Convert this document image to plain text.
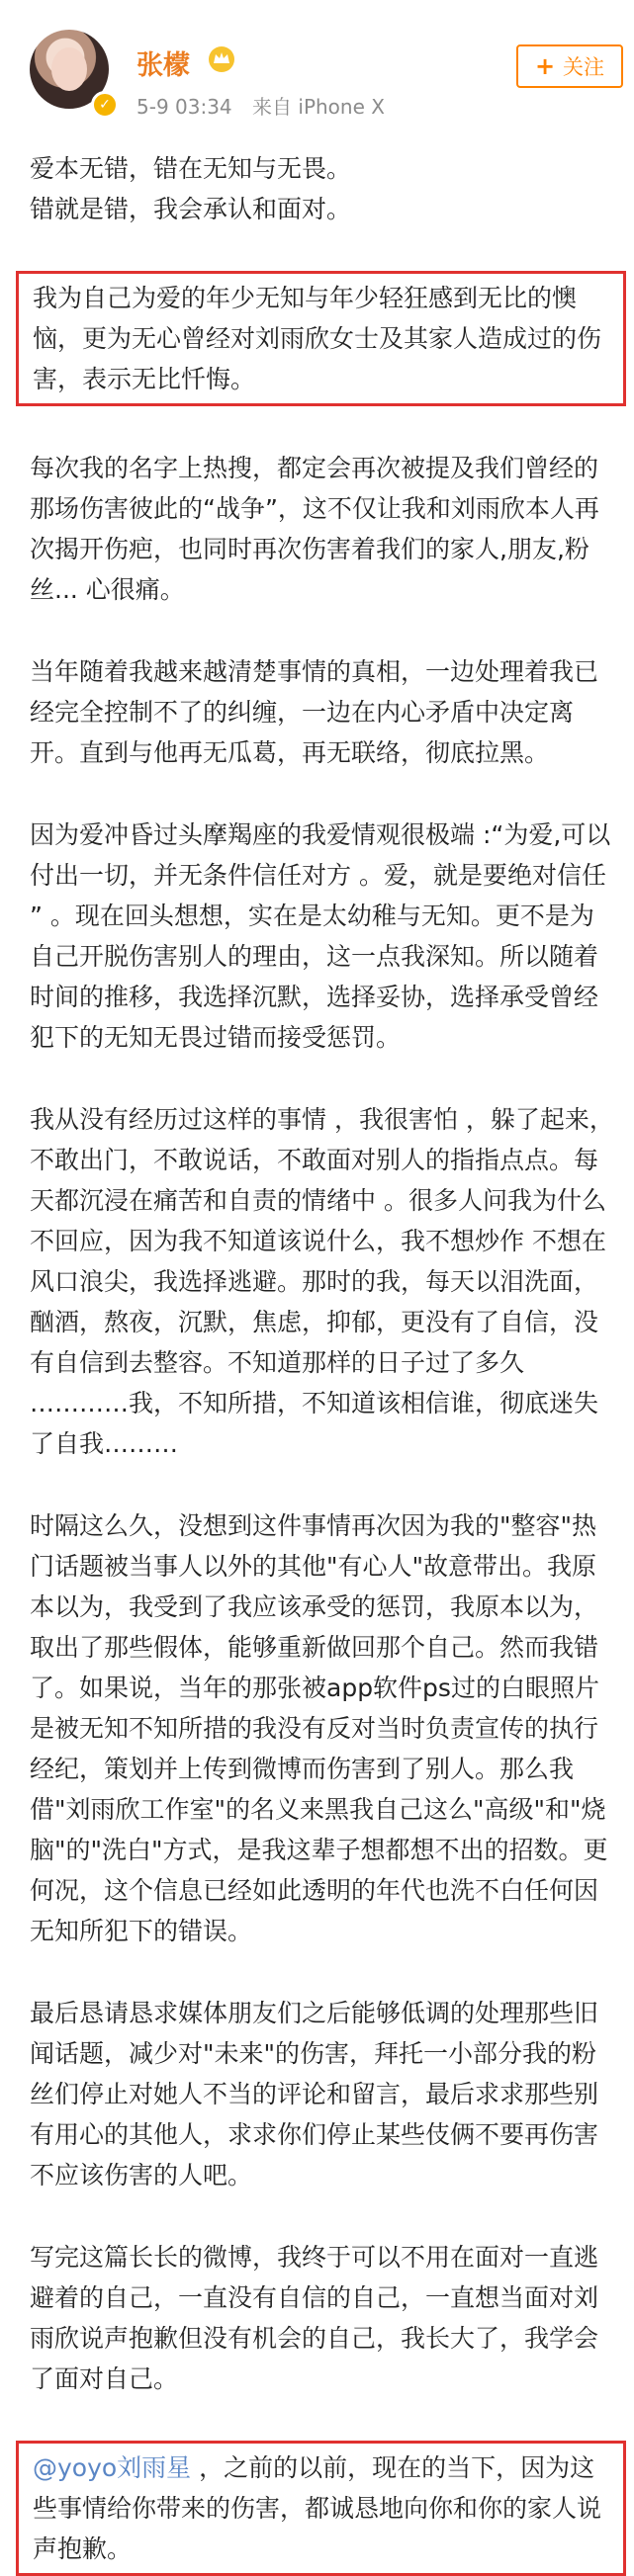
✓
张檬
5-9 03:34 来自 iPhone X
+ 关注
爱本无错，错在无知与无畏。
错就是错，我会承认和面对。
我为自己为爱的年少无知与年少轻狂感到无比的懊恼，更为无心曾经对刘雨欣女士及其家人造成过的伤害，表示无比忏悔。
每次我的名字上热搜，都定会再次被提及我们曾经的那场伤害彼此的“战争”，这不仅让我和刘雨欣本人再次揭开伤疤，也同时再次伤害着我们的家人,朋友,粉丝... 心很痛。
当年随着我越来越清楚事情的真相，一边处理着我已经完全控制不了的纠缠，一边在内心矛盾中决定离开。直到与他再无瓜葛，再无联络，彻底拉黑。
因为爱冲昏过头摩羯座的我爱情观很极端 :“为爱,可以付出一切，并无条件信任对方 。爱，就是要绝对信任 ” 。现在回头想想，实在是太幼稚与无知。更不是为自己开脱伤害别人的理由，这一点我深知。所以随着时间的推移，我选择沉默，选择妥协，选择承受曾经犯下的无知无畏过错而接受惩罚。
我从没有经历过这样的事情 ，我很害怕 ，躲了起来，不敢出门，不敢说话，不敢面对别人的指指点点。每天都沉浸在痛苦和自责的情绪中 。很多人问我为什么不回应，因为我不知道该说什么，我不想炒作 不想在风口浪尖，我选择逃避。那时的我，每天以泪洗面，酗酒，熬夜，沉默，焦虑，抑郁，更没有了自信，没有自信到去整容。不知道那样的日子过了多久 …………我，不知所措，不知道该相信谁，彻底迷失了自我………
时隔这么久，没想到这件事情再次因为我的"整容"热门话题被当事人以外的其他"有心人"故意带出。我原本以为，我受到了我应该承受的惩罚，我原本以为，取出了那些假体，能够重新做回那个自己。然而我错了。如果说，当年的那张被app软件ps过的白眼照片是被无知不知所措的我没有反对当时负责宣传的执行经纪，策划并上传到微博而伤害到了别人。那么我借"刘雨欣工作室"的名义来黑我自己这么"高级"和"烧脑"的"洗白"方式，是我这辈子想都想不出的招数。更何况，这个信息已经如此透明的年代也洗不白任何因无知所犯下的错误。
最后恳请恳求媒体朋友们之后能够低调的处理那些旧闻话题，减少对"未来"的伤害，拜托一小部分我的粉丝们停止对她人不当的评论和留言，最后求求那些别有用心的其他人，求求你们停止某些伎俩不要再伤害不应该伤害的人吧。
写完这篇长长的微博，我终于可以不用在面对一直逃避着的自己，一直没有自信的自己，一直想当面对刘雨欣说声抱歉但没有机会的自己，我长大了，我学会了面对自己。
@yoyo刘雨星 ，之前的以前，现在的当下，因为这些事情给你带来的伤害，都诚恳地向你和你的家人说声抱歉。
